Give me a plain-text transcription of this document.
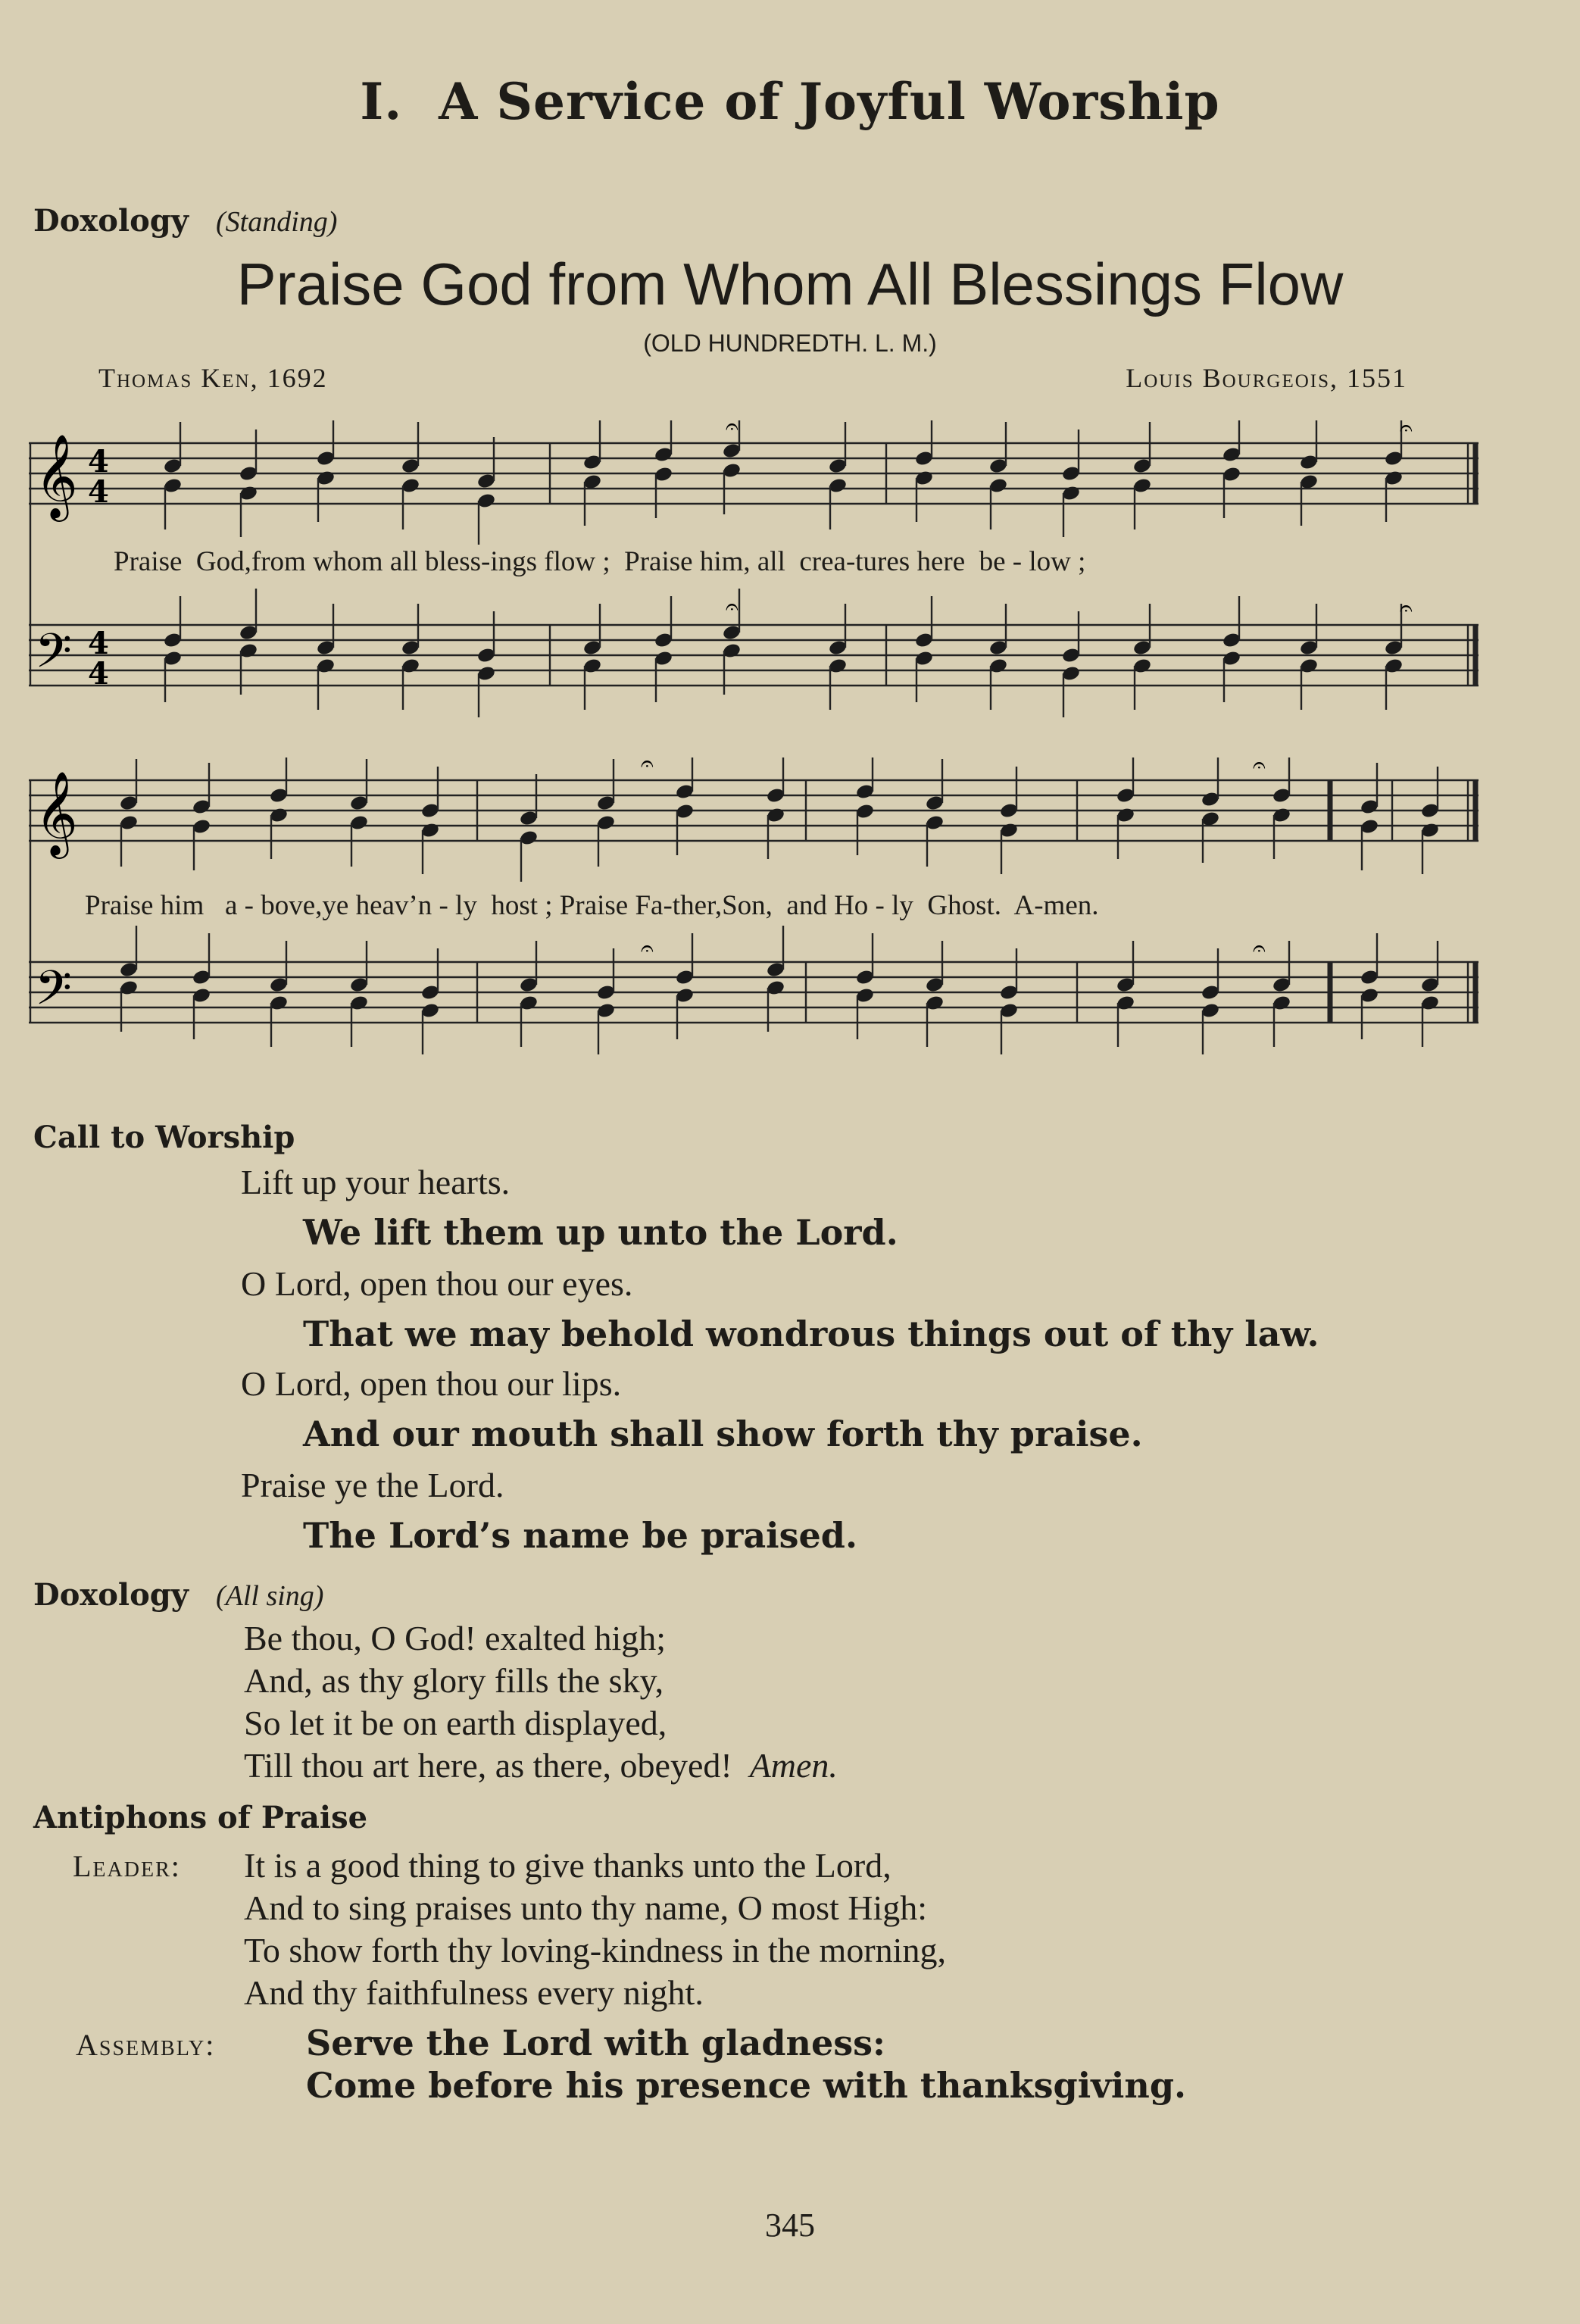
I. A Service of Joyful Worship
Doxology (Standing)
Praise God from Whom All Blessings Flow
(OLD HUNDREDTH. L. M.)
Thomas Ken, 1692	Louis Bourgeois, 1551
𝄞 4
4
𝄢 4
4
𝄐	𝄐
𝄐	𝄐
Praise  God,from whom all bless-ings flow ;  Praise him, all  crea-tures here  be - low ;
𝄞
𝄢
𝄐	𝄐
𝄐	𝄐
Praise him   a - bove,ye heav’n - ly  host ; Praise Fa-ther,Son,  and Ho - ly  Ghost.  A-men.
Call to Worship
Lift up your hearts.
We lift them up unto the Lord.
O Lord, open thou our eyes.
That we may behold wondrous things out of thy law.
O Lord, open thou our lips.
And our mouth shall show forth thy praise.
Praise ye the Lord.
The Lord’s name be praised.
Doxology (All sing)
Be thou, O God! exalted high;
And, as thy glory fills the sky,
So let it be on earth displayed,
Till thou art here, as there, obeyed! Amen.
Antiphons of Praise
Leader: It is a good thing to give thanks unto the Lord,
And to sing praises unto thy name, O most High:
To show forth thy loving-kindness in the morning,
And thy faithfulness every night.
Assembly:	Serve the Lord with gladness:
Come before his presence with thanksgiving.
345
